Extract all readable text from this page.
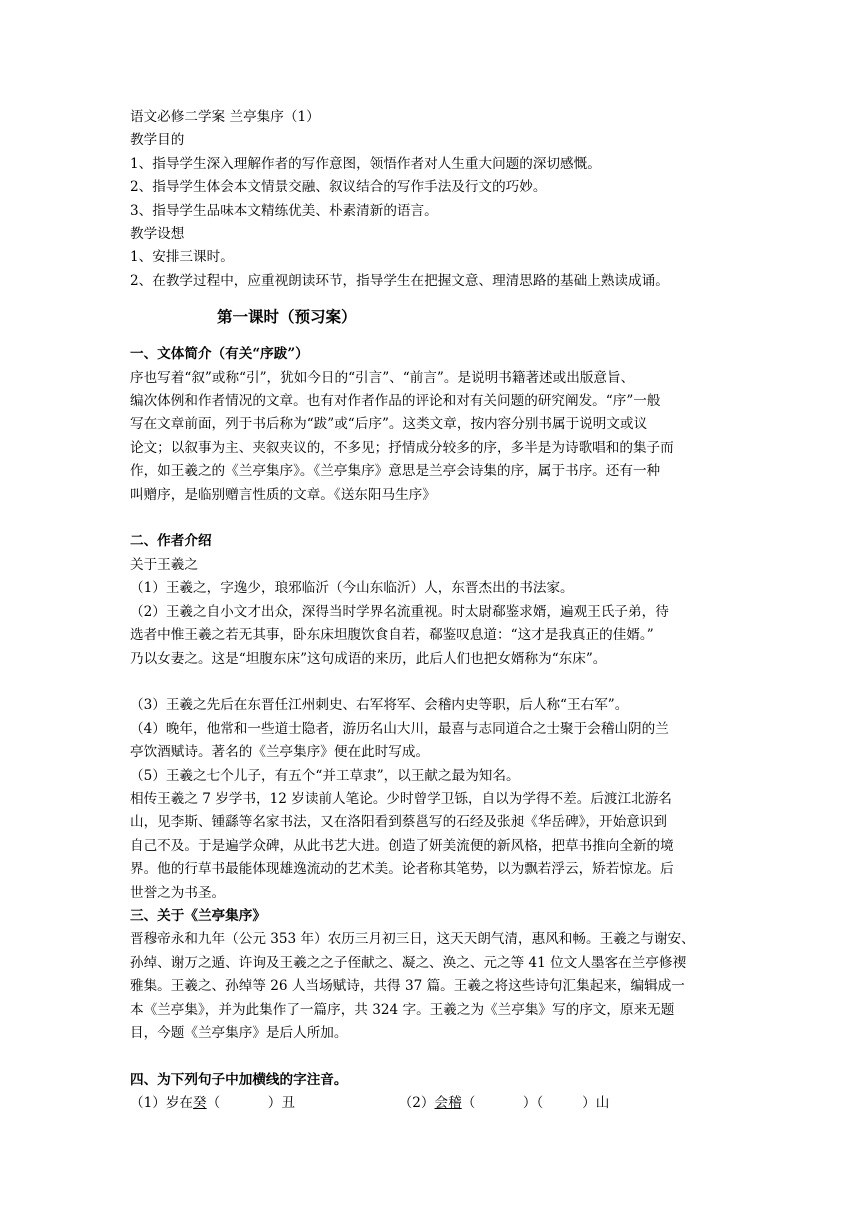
语文必修二学案 兰亭集序（1）
教学目的
1、指导学生深入理解作者的写作意图，领悟作者对人生重大问题的深切感慨。
2、指导学生体会本文情景交融、叙议结合的写作手法及行文的巧妙。
3、指导学生品味本文精练优美、朴素清新的语言。
教学设想
1、安排三课时。
2、在教学过程中，应重视朗读环节，指导学生在把握文意、理清思路的基础上熟读成诵。
第一课时（预习案）
一、文体简介（有关“序跋”）
序也写着“叙”或称“引”，犹如今日的“引言”、“前言”。是说明书籍著述或出版意旨、
编次体例和作者情况的文章。也有对作者作品的评论和对有关问题的研究阐发。“序”一般
写在文章前面，列于书后称为“跋”或“后序”。这类文章，按内容分别书属于说明文或议
论文；以叙事为主、夹叙夹议的，不多见；抒情成分较多的序，多半是为诗歌唱和的集子而
作，如王羲之的《兰亭集序》。《兰亭集序》意思是兰亭会诗集的序，属于书序。还有一种
叫赠序，是临别赠言性质的文章。《送东阳马生序》
二、作者介绍
关于王羲之
（1）王羲之，字逸少，琅邪临沂（今山东临沂）人，东晋杰出的书法家。
（2）王羲之自小文才出众，深得当时学界名流重视。时太尉郗鉴求婿，遍观王氏子弟，待
选者中惟王羲之若无其事，卧东床坦腹饮食自若，郗鉴叹息道：“这才是我真正的佳婿。”
乃以女妻之。这是“坦腹东床”这句成语的来历，此后人们也把女婿称为“东床”。
（3）王羲之先后在东晋任江州刺史、右军将军、会稽内史等职，后人称“王右军”。
（4）晚年，他常和一些道士隐者，游历名山大川，最喜与志同道合之士聚于会稽山阴的兰
亭饮酒赋诗。著名的《兰亭集序》便在此时写成。
（5）王羲之七个儿子，有五个“并工草隶”，以王献之最为知名。
相传王羲之 7 岁学书，12 岁读前人笔论。少时曾学卫铄，自以为学得不差。后渡江北游名
山，见李斯、锺繇等名家书法，又在洛阳看到蔡邕写的石经及张昶《华岳碑》，开始意识到
自己不及。于是遍学众碑，从此书艺大进。创造了妍美流便的新风格，把草书推向全新的境
界。他的行草书最能体现雄逸流动的艺术美。论者称其笔势，以为飘若浮云，矫若惊龙。后
世誉之为书圣。
三、关于《兰亭集序》
晋穆帝永和九年（公元 353 年）农历三月初三日，这天天朗气清，惠风和畅。王羲之与谢安、
孙绰、谢万之遁、许询及王羲之之子侄献之、凝之、涣之、元之等 41 位文人墨客在兰亭修禊
雅集。王羲之、孙绰等 26 人当场赋诗，共得 37 篇。王羲之将这些诗句汇集起来，编辑成一
本《兰亭集》，并为此集作了一篇序，共 324 字。王羲之为《兰亭集》写的序文，原来无题
目，今题《兰亭集序》是后人所加。
四、为下列句子中加横线的字注音。
（1）岁在癸（           ）丑	（2）会稽（           ）（         ）山
